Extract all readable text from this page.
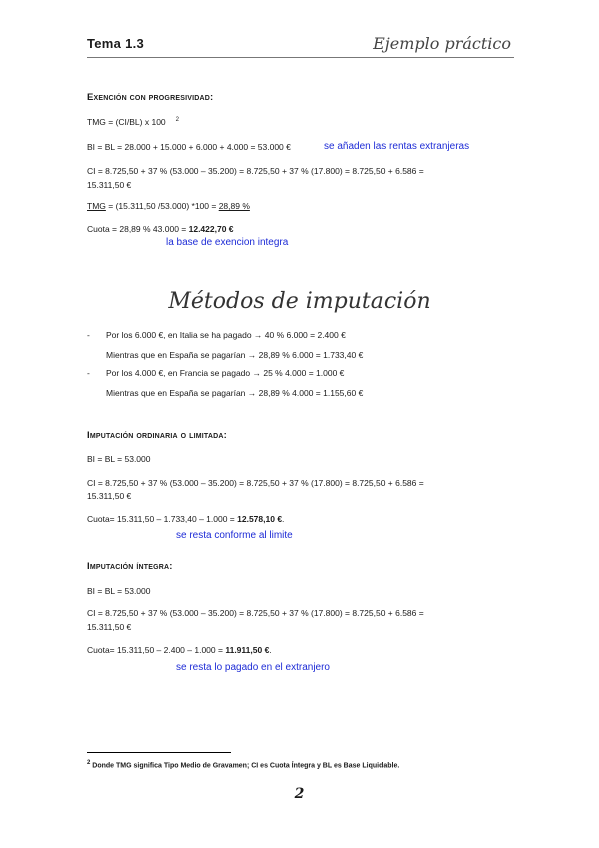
Tema 1.3	Ejemplo práctico
Exención con progresividad:
TMG = (CI/BL) x 100 $^2$
BI = BL = 28.000 + 15.000 + 6.000 + 4.000 = 53.000 €	se añaden las rentas extranjeras
CI = 8.725,50 + 37 % (53.000 – 35.200) = 8.725,50 + 37 % (17.800) = 8.725,50 + 6.586 =
15.311,50 €
TMG = (15.311,50 /53.000) *100 = 28,89 %
Cuota = 28,89 % 43.000 = 12.422,70 €
la base de exencion integra
Métodos de imputación
- Por los 6.000 €, en Italia se ha pagado → 40 % 6.000 = 2.400 €
Mientras que en España se pagarían → 28,89 % 6.000 = 1.733,40 €
- Por los 4.000 €, en Francia se pagado → 25 % 4.000 = 1.000 €
Mientras que en España se pagarían → 28,89 % 4.000 = 1.155,60 €
Imputación ordinaria o limitada:
BI = BL = 53.000
CI = 8.725,50 + 37 % (53.000 – 35.200) = 8.725,50 + 37 % (17.800) = 8.725,50 + 6.586 =
15.311,50 €
Cuota= 15.311,50 – 1.733,40 – 1.000 = 12.578,10 €.
se resta conforme al limite
Imputación íntegra:
BI = BL = 53.000
CI = 8.725,50 + 37 % (53.000 – 35.200) = 8.725,50 + 37 % (17.800) = 8.725,50 + 6.586 =
15.311,50 €
Cuota= 15.311,50 – 2.400 – 1.000 = 11.911,50 €.
se resta lo pagado en el extranjero
$^2$ Donde TMG significa Tipo Medio de Gravamen; CI es Cuota Íntegra y BL es Base Liquidable.
2
